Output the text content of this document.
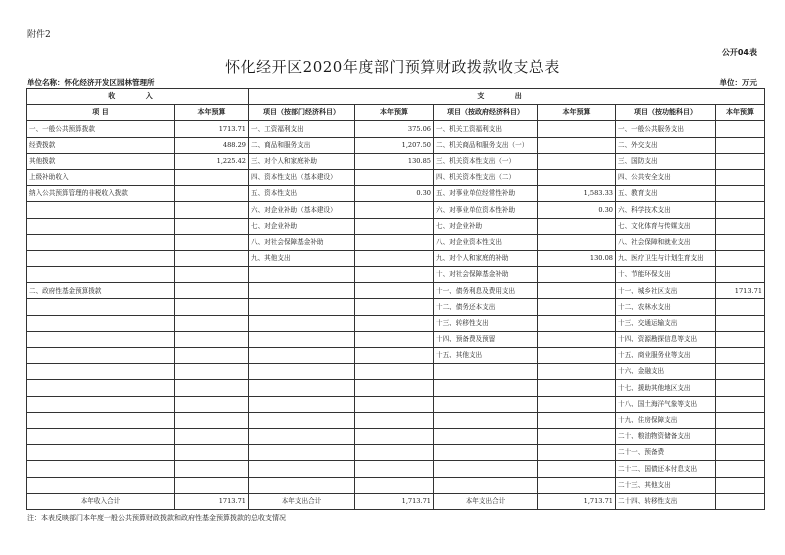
附件2
公开04表
怀化经开区2020年度部门预算财政拨款收支总表
单位名称：怀化经济开发区园林管理所	单位：万元
收 入		支 出					
项 目	本年预算	项目（按部门经济科目）	本年预算	项目（按政府经济科目）	本年预算	项目（按功能科目）	本年预算
一、一般公共预算拨款	1713.71	一、工资福利支出	375.06	一、机关工资福利支出		一、一般公共服务支出	
经费拨款	488.29	二、商品和服务支出	1,207.50	二、机关商品和服务支出（一）		二、外交支出	
其他拨款	1,225.42	三、对个人和家庭补助	130.85	三、机关资本性支出（一）		三、国防支出	
上级补助收入		四、资本性支出（基本建设）		四、机关资本性支出（二）		四、公共安全支出	
纳入公共预算管理的非税收入拨款		五、资本性支出	0.30	五、对事业单位经常性补助	1,583.33	五、教育支出	
		六、对企业补助（基本建设）		六、对事业单位资本性补助	0.30	六、科学技术支出	
		七、对企业补助		七、对企业补助		七、文化体育与传媒支出	
		八、对社会保障基金补助		八、对企业资本性支出		八、社会保障和就业支出	
		九、其他支出		九、对个人和家庭的补助	130.08	九、医疗卫生与计划生育支出	
				十、对社会保障基金补助		十、节能环保支出	
二、政府性基金预算拨款				十一、债务利息及费用支出		十一、城乡社区支出	1713.71
				十二、债务还本支出		十二、农林水支出	
				十三、转移性支出		十三、交通运输支出	
				十四、预备费及预留		十四、资源勘探信息等支出	
				十五、其他支出		十五、商业服务业等支出	
						十六、金融支出	
						十七、援助其他地区支出	
						十八、国土海洋气象等支出	
						十九、住房保障支出	
						二十、粮油物资储备支出	
						二十一、预备费	
						二十二、国债还本付息支出	
						二十三、其他支出	
本年收入合计	1713.71	本年支出合计	1,713.71	本年支出合计	1,713.71	二十四、转移性支出	
注：本表反映部门本年度一般公共预算财政拨款和政府性基金预算拨款的总收支情况
